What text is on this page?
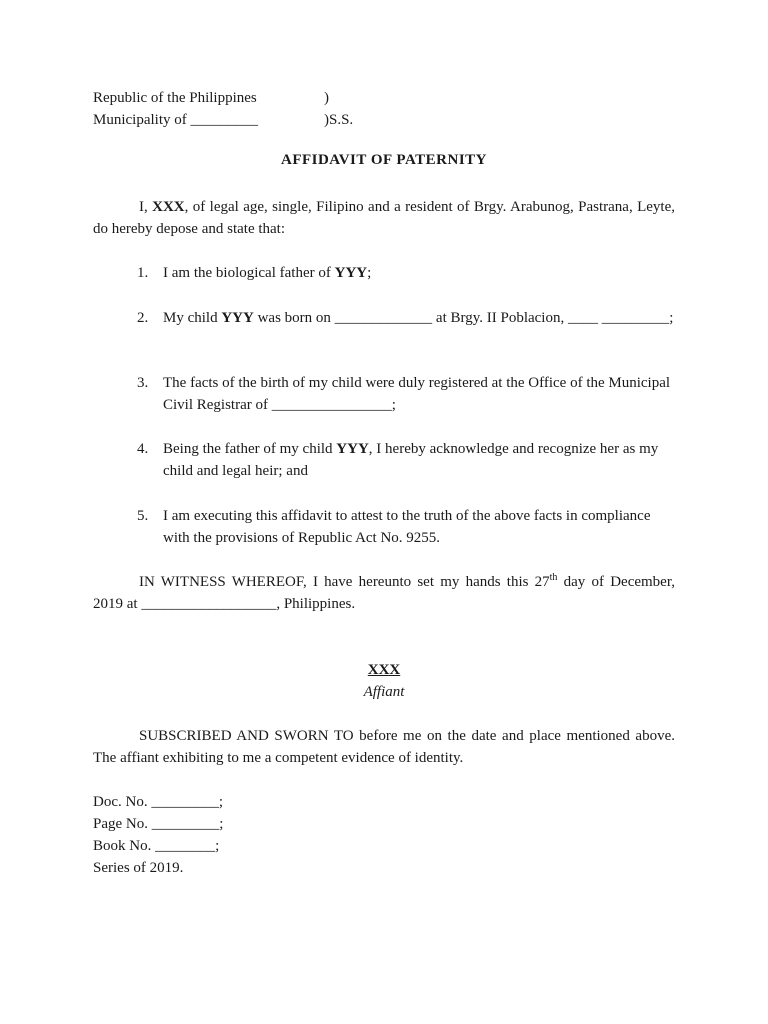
Republic of the Philippines	)
Municipality of _________	)S.S.
AFFIDAVIT OF PATERNITY
I, XXX, of legal age, single, Filipino and a resident of Brgy. Arabunog, Pastrana, Leyte, do hereby depose and state that:
1. I am the biological father of YYY;
2. My child YYY was born on _____________ at Brgy. II Poblacion, ____ _________;
3. The facts of the birth of my child were duly registered at the Office of the Municipal Civil Registrar of ________________;
4. Being the father of my child YYY, I hereby acknowledge and recognize her as my child and legal heir; and
5. I am executing this affidavit to attest to the truth of the above facts in compliance with the provisions of Republic Act No. 9255.
IN WITNESS WHEREOF, I have hereunto set my hands this 27th day of December, 2019 at __________________, Philippines.
XXX
Affiant
SUBSCRIBED AND SWORN TO before me on the date and place mentioned above. The affiant exhibiting to me a competent evidence of identity.
Doc. No. _________;
Page No. _________;
Book No. ________;
Series of 2019.
